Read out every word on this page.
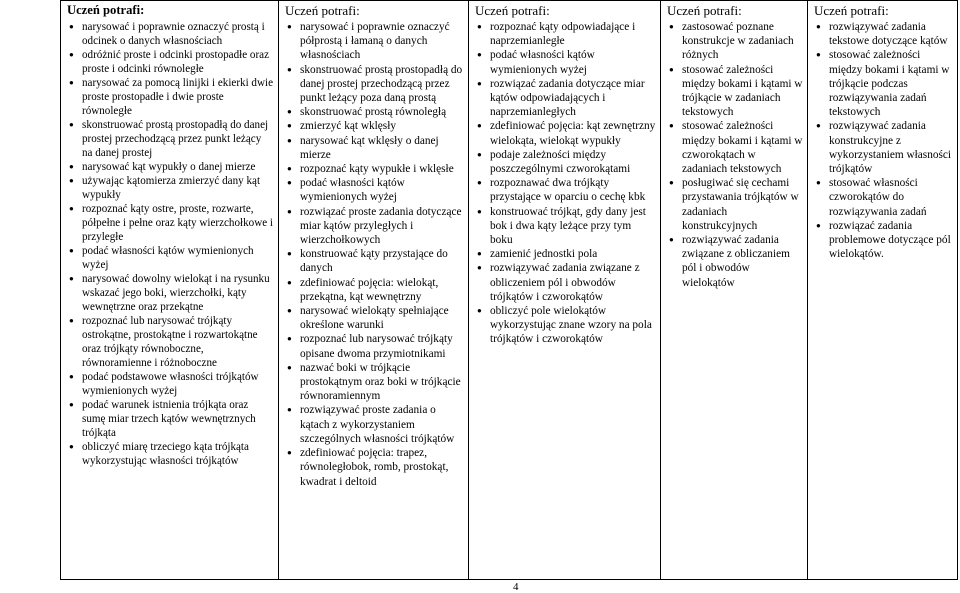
Uczeń potrafi:
● narysować i poprawnie oznaczyć prostą i odcinek o danych własnościach
● odróżnić proste i odcinki prostopadłe oraz proste i odcinki równoległe
● narysować za pomocą linijki i ekierki dwie proste prostopadłe i dwie proste równoległe
● skonstruować prostą prostopadłą do danej prostej przechodzącą przez punkt leżący na danej prostej
● narysować kąt wypukły o danej mierze
● używając kątomierza zmierzyć dany kąt wypukły
● rozpoznać kąty ostre, proste, rozwarte, półpełne i pełne oraz kąty wierzchołkowe i przyległe
● podać własności kątów wymienionych wyżej
● narysować dowolny wielokąt i na rysunku wskazać jego boki, wierzchołki, kąty wewnętrzne oraz przekątne
● rozpoznać lub narysować trójkąty ostrokątne, prostokątne i rozwartokątne oraz trójkąty równoboczne, równoramienne i różnoboczne
● podać podstawowe własności trójkątów wymienionych wyżej
● podać warunek istnienia trójkąta oraz sumę miar trzech kątów wewnętrznych trójkąta
● obliczyć miarę trzeciego kąta trójkąta wykorzystując własności trójkątów
Uczeń potrafi:
● narysować i poprawnie oznaczyć półprostą i łamaną o danych własnościach
● skonstruować prostą prostopadłą do danej prostej przechodzącą przez punkt leżący poza daną prostą
● skonstruować prostą równoległą
● zmierzyć kąt wklęsły
● narysować kąt wklęsły o danej mierze
● rozpoznać kąty wypukłe i wklęsłe
● podać własności kątów wymienionych wyżej
● rozwiązać proste zadania dotyczące miar kątów przyległych i wierzchołkowych
● konstruować kąty przystające do danych
● zdefiniować pojęcia: wielokąt, przekątna, kąt wewnętrzny
● narysować wielokąty spełniające określone warunki
● rozpoznać lub narysować trójkąty opisane dwoma przymiotnikami
● nazwać boki w trójkącie prostokątnym oraz boki w trójkącie równoramiennym
● rozwiązywać proste zadania o kątach z wykorzystaniem szczególnych własności trójkątów
● zdefiniować pojęcia: trapez, równoległobok, romb, prostokąt, kwadrat i deltoid
Uczeń potrafi:
● rozpoznać kąty odpowiadające i naprzemianległe
● podać własności kątów wymienionych wyżej
● rozwiązać zadania dotyczące miar kątów odpowiadających i naprzemianległych
● zdefiniować pojęcia: kąt zewnętrzny wielokąta, wielokąt wypukły
● podaje zależności między poszczególnymi czworokątami
● rozpoznawać dwa trójkąty przystające w oparciu o cechę kbk
● konstruować trójkąt, gdy dany jest bok i dwa kąty leżące przy tym boku
● zamienić jednostki pola
● rozwiązywać zadania związane z obliczeniem pól i obwodów trójkątów i czworokątów
● obliczyć pole wielokątów wykorzystując znane wzory na pola trójkątów i czworokątów
Uczeń potrafi:
● zastosować poznane konstrukcje w zadaniach różnych
● stosować zależności między bokami i kątami w trójkącie w zadaniach tekstowych
● stosować zależności między bokami i kątami w czworokątach w zadaniach tekstowych
● posługiwać się cechami przystawania trójkątów w zadaniach konstrukcyjnych
● rozwiązywać zadania związane z obliczaniem pól i obwodów wielokątów
Uczeń potrafi:
● rozwiązywać zadania tekstowe dotyczące kątów
● stosować zależności między bokami i kątami w trójkącie podczas rozwiązywania zadań tekstowych
● rozwiązywać zadania konstrukcyjne z wykorzystaniem własności trójkątów
● stosować własności czworokątów do rozwiązywania zadań
● rozwiązać zadania problemowe dotyczące pól wielokątów.
4
